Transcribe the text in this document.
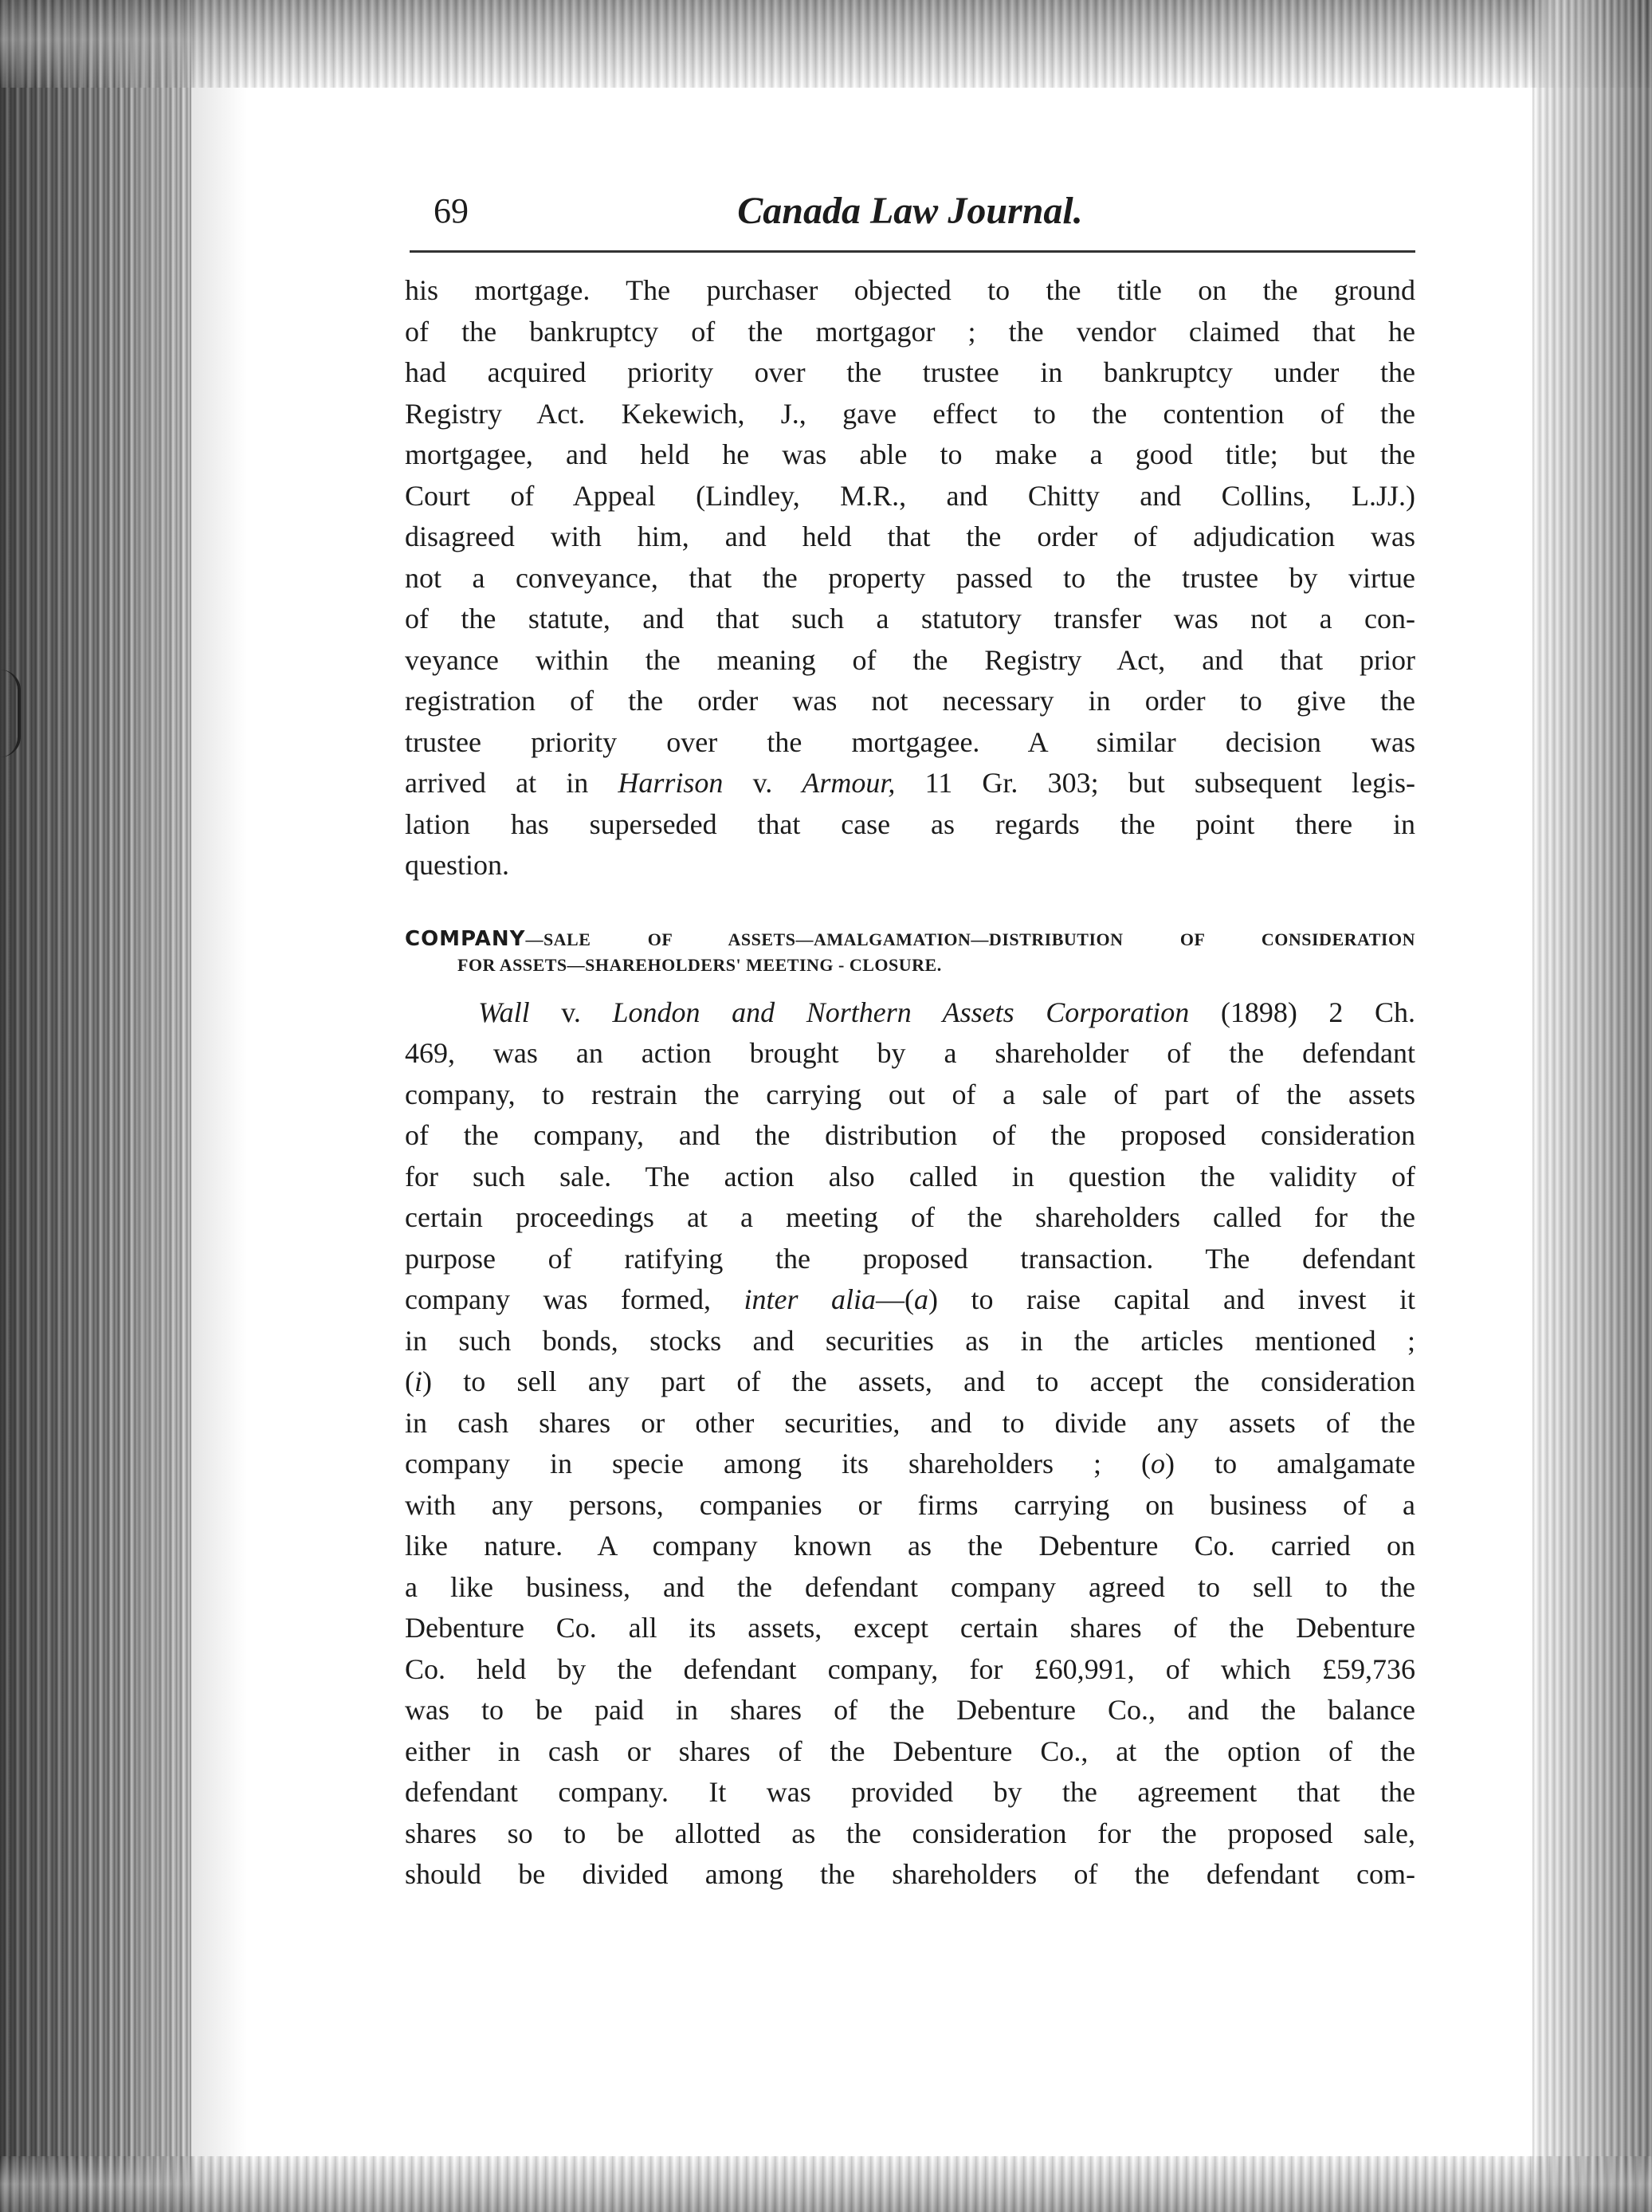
69	Canada Law Journal.
his mortgage. The purchaser objected to the title on the ground
of the bankruptcy of the mortgagor ; the vendor claimed that he
had acquired priority over the trustee in bankruptcy under the
Registry Act. Kekewich, J., gave effect to the contention of the
mortgagee, and held he was able to make a good title; but the
Court of Appeal (Lindley, M.R., and Chitty and Collins, L.JJ.)
disagreed with him, and held that the order of adjudication was
not a conveyance, that the property passed to the trustee by virtue
of the statute, and that such a statutory transfer was not a con-
veyance within the meaning of the Registry Act, and that prior
registration of the order was not necessary in order to give the
trustee priority over the mortgagee. A similar decision was
arrived at in Harrison v. Armour, 11 Gr. 303; but subsequent legis-
lation has superseded that case as regards the point there in
question.
COMPANY—SALE OF ASSETS—AMALGAMATION—DISTRIBUTION OF CONSIDERATION
FOR ASSETS—SHAREHOLDERS' MEETING - CLOSURE.
Wall v. London and Northern Assets Corporation (1898) 2 Ch.
469, was an action brought by a shareholder of the defendant
company, to restrain the carrying out of a sale of part of the assets
of the company, and the distribution of the proposed consideration
for such sale. The action also called in question the validity of
certain proceedings at a meeting of the shareholders called for the
purpose of ratifying the proposed transaction. The defendant
company was formed, inter alia—(a) to raise capital and invest it
in such bonds, stocks and securities as in the articles mentioned ;
(i) to sell any part of the assets, and to accept the consideration
in cash shares or other securities, and to divide any assets of the
company in specie among its shareholders ; (o) to amalgamate
with any persons, companies or firms carrying on business of a
like nature. A company known as the Debenture Co. carried on
a like business, and the defendant company agreed to sell to the
Debenture Co. all its assets, except certain shares of the Debenture
Co. held by the defendant company, for £60,991, of which £59,736
was to be paid in shares of the Debenture Co., and the balance
either in cash or shares of the Debenture Co., at the option of the
defendant company. It was provided by the agreement that the
shares so to be allotted as the consideration for the proposed sale,
should be divided among the shareholders of the defendant com-
